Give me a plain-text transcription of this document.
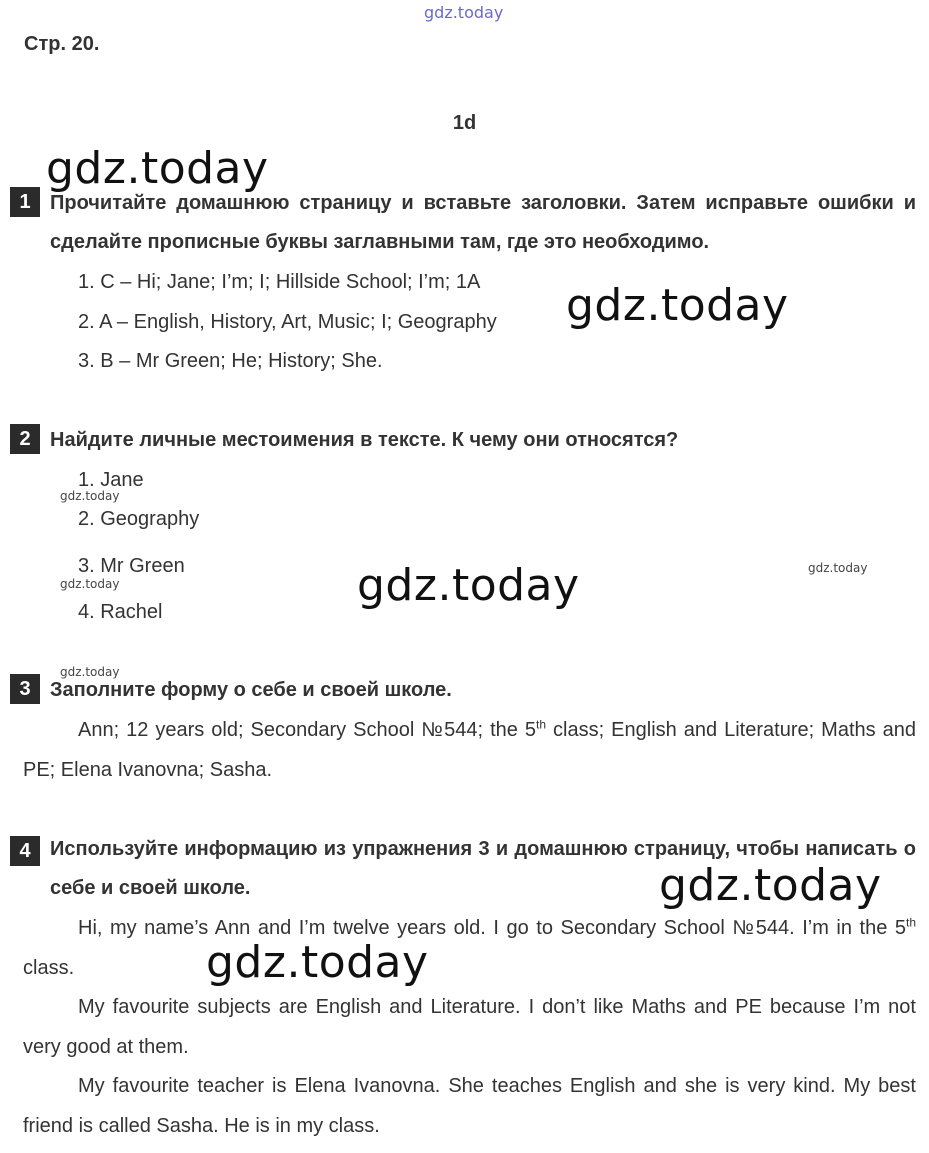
gdz.today
gdz.today
gdz.today
gdz.today
gdz.today
gdz.today
gdz.today
gdz.today
gdz.today
gdz.today
Стр. 20.
1d
1 Прочитайте домашнюю страницу и вставьте заголовки. Затем исправьте ошибки и сделайте прописные буквы заглавными там, где это необходимо.
1. C – Hi; Jane; I’m; I; Hillside School; I’m; 1A
2. A – English, History, Art, Music; I; Geography
3. B – Mr Green; He; History; She.
2 Найдите личные местоимения в тексте. К чему они относятся?
1. Jane
2. Geography
3. Mr Green
4. Rachel
3 Заполните форму о себе и своей школе.
Ann; 12 years old; Secondary School №544; the 5th class; English and Literature; Maths and PE; Elena Ivanovna; Sasha.
4 Используйте информацию из упражнения 3 и домашнюю страницу, чтобы написать о себе и своей школе.
Hi, my name’s Ann and I’m twelve years old. I go to Secondary School №544. I’m in the 5th class.
My favourite subjects are English and Literature. I don’t like Maths and PE because I’m not very good at them.
My favourite teacher is Elena Ivanovna. She teaches English and she is very kind. My best friend is called Sasha. He is in my class.
